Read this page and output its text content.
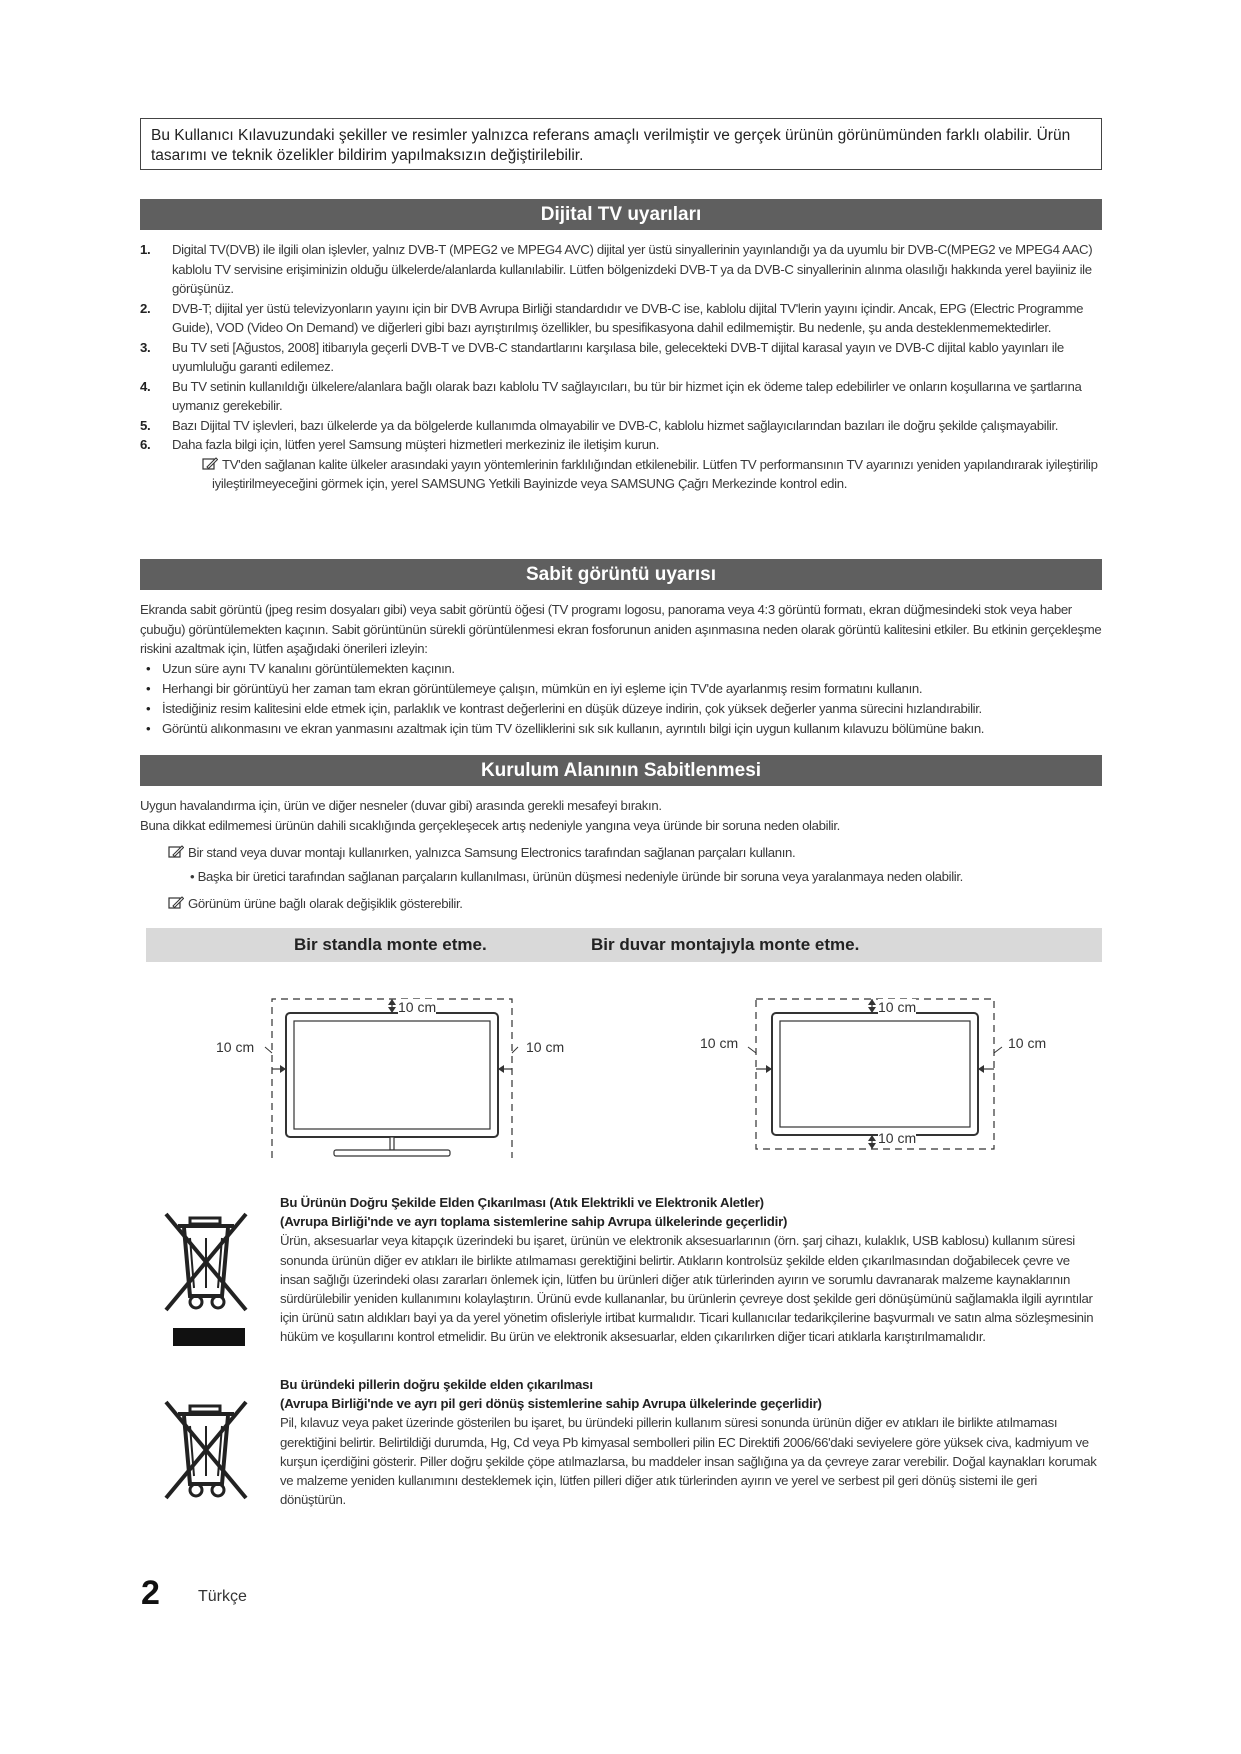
Bu Kullanıcı Kılavuzundaki şekiller ve resimler yalnızca referans amaçlı verilmiştir ve gerçek ürünün görünümünden farklı olabilir. Ürün tasarımı ve teknik özelikler bildirim yapılmaksızın değiştirilebilir.
Dijital TV uyarıları
1. Digital TV(DVB) ile ilgili olan işlevler, yalnız DVB-T (MPEG2 ve MPEG4 AVC) dijital yer üstü sinyallerinin yayınlandığı ya da uyumlu bir DVB-C(MPEG2 ve MPEG4 AAC) kablolu TV servisine erişiminizin olduğu ülkelerde/alanlarda kullanılabilir. Lütfen bölgenizdeki DVB-T ya da DVB-C sinyallerinin alınma olasılığı hakkında yerel bayiiniz ile görüşünüz.
2. DVB-T; dijital yer üstü televizyonların yayını için bir DVB Avrupa Birliği standardıdır ve DVB-C ise, kablolu dijital TV'lerin yayını içindir. Ancak, EPG (Electric Programme Guide), VOD (Video On Demand) ve diğerleri gibi bazı ayrıştırılmış özellikler, bu spesifikasyona dahil edilmemiştir. Bu nedenle, şu anda desteklenmemektedirler.
3. Bu TV seti [Ağustos, 2008] itibarıyla geçerli DVB-T ve DVB-C standartlarını karşılasa bile, gelecekteki DVB-T dijital karasal yayın ve DVB-C dijital kablo yayınları ile uyumluluğu garanti edilemez.
4. Bu TV setinin kullanıldığı ülkelere/alanlara bağlı olarak bazı kablolu TV sağlayıcıları, bu tür bir hizmet için ek ödeme talep edebilirler ve onların koşullarına ve şartlarına uymanız gerekebilir.
5. Bazı Dijital TV işlevleri, bazı ülkelerde ya da bölgelerde kullanımda olmayabilir ve DVB-C, kablolu hizmet sağlayıcılarından bazıları ile doğru şekilde çalışmayabilir.
6. Daha fazla bilgi için, lütfen yerel Samsung müşteri hizmetleri merkeziniz ile iletişim kurun.
TV'den sağlanan kalite ülkeler arasındaki yayın yöntemlerinin farklılığından etkilenebilir. Lütfen TV performansının TV ayarınızı yeniden yapılandırarak iyileştirilip iyileştirilmeyeceğini görmek için, yerel SAMSUNG Yetkili Bayinizde veya SAMSUNG Çağrı Merkezinde kontrol edin.
Sabit görüntü uyarısı

Ekranda sabit görüntü (jpeg resim dosyaları gibi) veya sabit görüntü öğesi (TV programı logosu, panorama veya 4:3 görüntü formatı, ekran düğmesindeki stok veya haber çubuğu) görüntülemekten kaçının. Sabit görüntünün sürekli görüntülenmesi ekran fosforunun aniden aşınmasına neden olarak görüntü kalitesini etkiler. Bu etkinin gerçekleşme riskini azaltmak için, lütfen aşağıdaki önerileri izleyin:

• Uzun süre aynı TV kanalını görüntülemekten kaçının.
• Herhangi bir görüntüyü her zaman tam ekran görüntülemeye çalışın, mümkün en iyi eşleme için TV'de ayarlanmış resim formatını kullanın.
• İstediğiniz resim kalitesini elde etmek için, parlaklık ve kontrast değerlerini en düşük düzeye indirin, çok yüksek değerler yanma sürecini hızlandırabilir.
• Görüntü alıkonmasını ve ekran yanmasını azaltmak için tüm TV özelliklerini sık sık kullanın, ayrıntılı bilgi için uygun kullanım kılavuzu bölümüne bakın.
Kurulum Alanının Sabitlenmesi

Uygun havalandırma için, ürün ve diğer nesneler (duvar gibi) arasında gerekli mesafeyi bırakın.

Buna dikkat edilmemesi ürünün dahili sıcaklığında gerçekleşecek artış nedeniyle yangına veya üründe bir soruna neden olabilir.

Bir stand veya duvar montajı kullanırken, yalnızca Samsung Electronics tarafından sağlanan parçaları kullanın.
• Başka bir üretici tarafından sağlanan parçaların kullanılması, ürünün düşmesi nedeniyle üründe bir soruna veya yaralanmaya neden olabilir.
Görünüm ürüne bağlı olarak değişiklik gösterebilir.
Bir standla monte etme.	Bir duvar montajıyla monte etme.
10 cm
10 cm	10 cm
10 cm
10 cm
10 cm	10 cm

Bu Ürünün Doğru Şekilde Elden Çıkarılması (Atık Elektrikli ve Elektronik Aletler)

(Avrupa Birliği'nde ve ayrı toplama sistemlerine sahip Avrupa ülkelerinde geçerlidir)

Ürün, aksesuarlar veya kitapçık üzerindeki bu işaret, ürünün ve elektronik aksesuarlarının (örn. şarj cihazı, kulaklık, USB kablosu) kullanım süresi sonunda ürünün diğer ev atıkları ile birlikte atılmaması gerektiğini belirtir. Atıkların kontrolsüz şekilde elden çıkarılmasından doğabilecek çevre ve insan sağlığı üzerindeki olası zararları önlemek için, lütfen bu ürünleri diğer atık türlerinden ayırın ve sorumlu davranarak malzeme kaynaklarının sürdürülebilir yeniden kullanımını kolaylaştırın. Ürünü evde kullananlar, bu ürünlerin çevreye dost şekilde geri dönüşümünü sağlamakla ilgili ayrıntılar için ürünü satın aldıkları bayi ya da yerel yönetim ofisleriyle irtibat kurmalıdır. Ticari kullanıcılar tedarikçilerine başvurmalı ve satın alma sözleşmesinin hüküm ve koşullarını kontrol etmelidir. Bu ürün ve elektronik aksesuarlar, elden çıkarılırken diğer ticari atıklarla karıştırılmamalıdır.

Bu üründeki pillerin doğru şekilde elden çıkarılması

(Avrupa Birliği'nde ve ayrı pil geri dönüş sistemlerine sahip Avrupa ülkelerinde geçerlidir)

Pil, kılavuz veya paket üzerinde gösterilen bu işaret, bu üründeki pillerin kullanım süresi sonunda ürünün diğer ev atıkları ile birlikte atılmaması gerektiğini belirtir. Belirtildiği durumda, Hg, Cd veya Pb kimyasal sembolleri pilin EC Direktifi 2006/66'daki seviyelere göre yüksek civa, kadmiyum ve kurşun içerdiğini gösterir. Piller doğru şekilde çöpe atılmazlarsa, bu maddeler insan sağlığına ya da çevreye zarar verebilir. Doğal kaynakları korumak ve malzeme yeniden kullanımını desteklemek için, lütfen pilleri diğer atık türlerinden ayırın ve yerel ve serbest pil geri dönüş sistemi ile geri dönüştürün.

2 Türkçe
